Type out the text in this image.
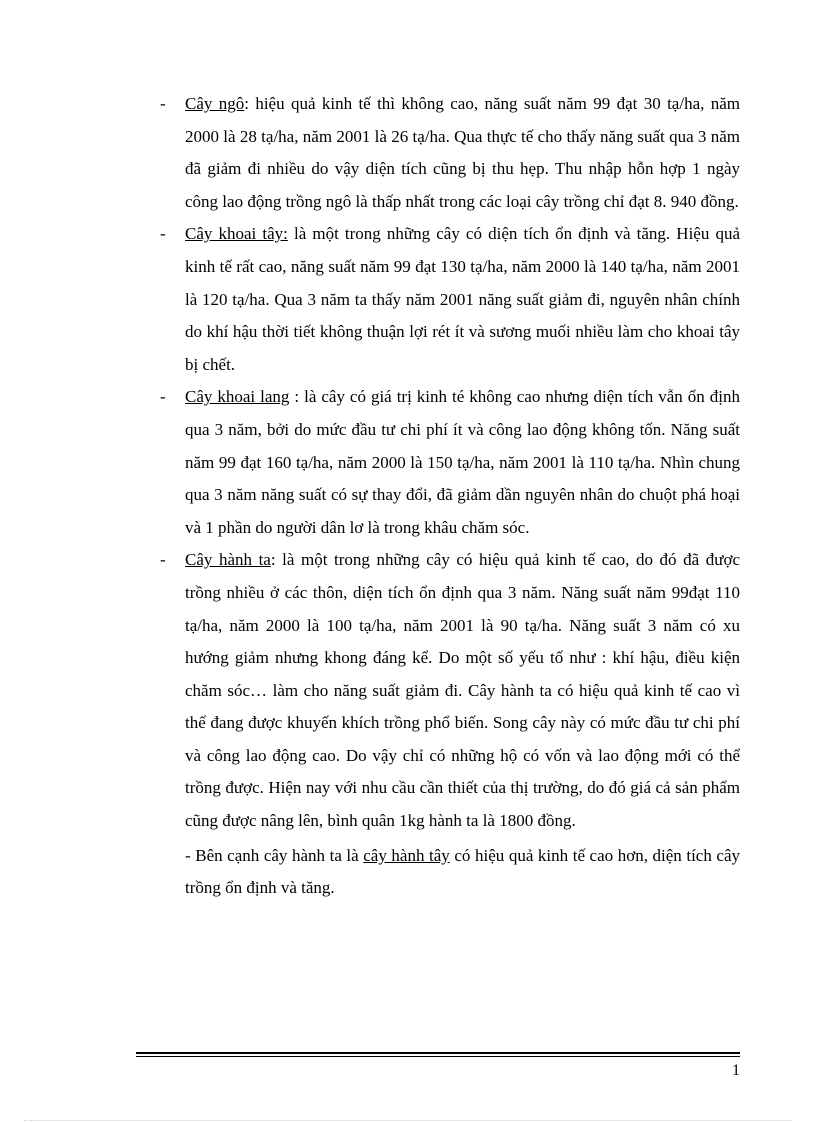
- Cây ngô: hiệu quả kinh tế thì không cao, năng suất năm 99 đạt 30 tạ/ha, năm 2000 là 28 tạ/ha, năm 2001 là 26 tạ/ha. Qua thực tế cho thấy năng suất qua 3 năm đã giảm đi nhiều do vậy diện tích cũng bị thu hẹp. Thu nhập hỗn hợp 1 ngày công lao động trồng ngô là thấp nhất trong các loại cây trồng chỉ đạt 8. 940 đồng.
- Cây khoai tây: là một trong những cây có diện tích ổn định và tăng. Hiệu quả kinh tế rất cao, năng suất năm 99 đạt 130 tạ/ha, năm 2000 là 140 tạ/ha, năm 2001 là 120 tạ/ha. Qua 3 năm ta thấy năm 2001 năng suất giảm đi, nguyên nhân chính do khí hậu thời tiết không thuận lợi rét ít và sương muối nhiều làm cho khoai tây bị chết.
- Cây khoai lang : là cây có giá trị kinh té không cao nhưng diện tích vẫn ổn định qua 3 năm, bởi do mức đầu tư chi phí ít và công lao động không tốn. Năng suất năm 99 đạt 160 tạ/ha, năm 2000 là 150 tạ/ha, năm 2001 là 110 tạ/ha. Nhìn chung qua 3 năm năng suất có sự thay đổi, đã giảm dần nguyên nhân do chuột phá hoại và 1 phần do người dân lơ là trong khâu chăm sóc.
- Cây hành ta: là một trong những cây có hiệu quả kinh tế cao, do đó đã được trồng nhiều ở các thôn, diện tích ổn định qua 3 năm. Năng suất năm 99đạt 110 tạ/ha, năm 2000 là 100 tạ/ha, năm 2001 là 90 tạ/ha. Năng suất 3 năm có xu hướng giảm nhưng khong đáng kể. Do một số yếu tố như : khí hậu, điều kiện chăm sóc… làm cho năng suất giảm đi. Cây hành ta có hiệu quả kinh tế cao vì thế đang được khuyến khích trồng phổ biến. Song cây này có mức đầu tư chi phí và công lao động cao. Do vậy chỉ có những hộ có vốn và lao động mới có thể trồng được. Hiện nay với nhu cầu cần thiết của thị trường, do đó giá cả sản phẩm cũng được nâng lên, bình quân 1kg hành ta là 1800 đồng.
- Bên cạnh cây hành ta là cây hành tây có hiệu quả kinh tế cao hơn, diện tích cây trồng ổn định và tăng.
1
